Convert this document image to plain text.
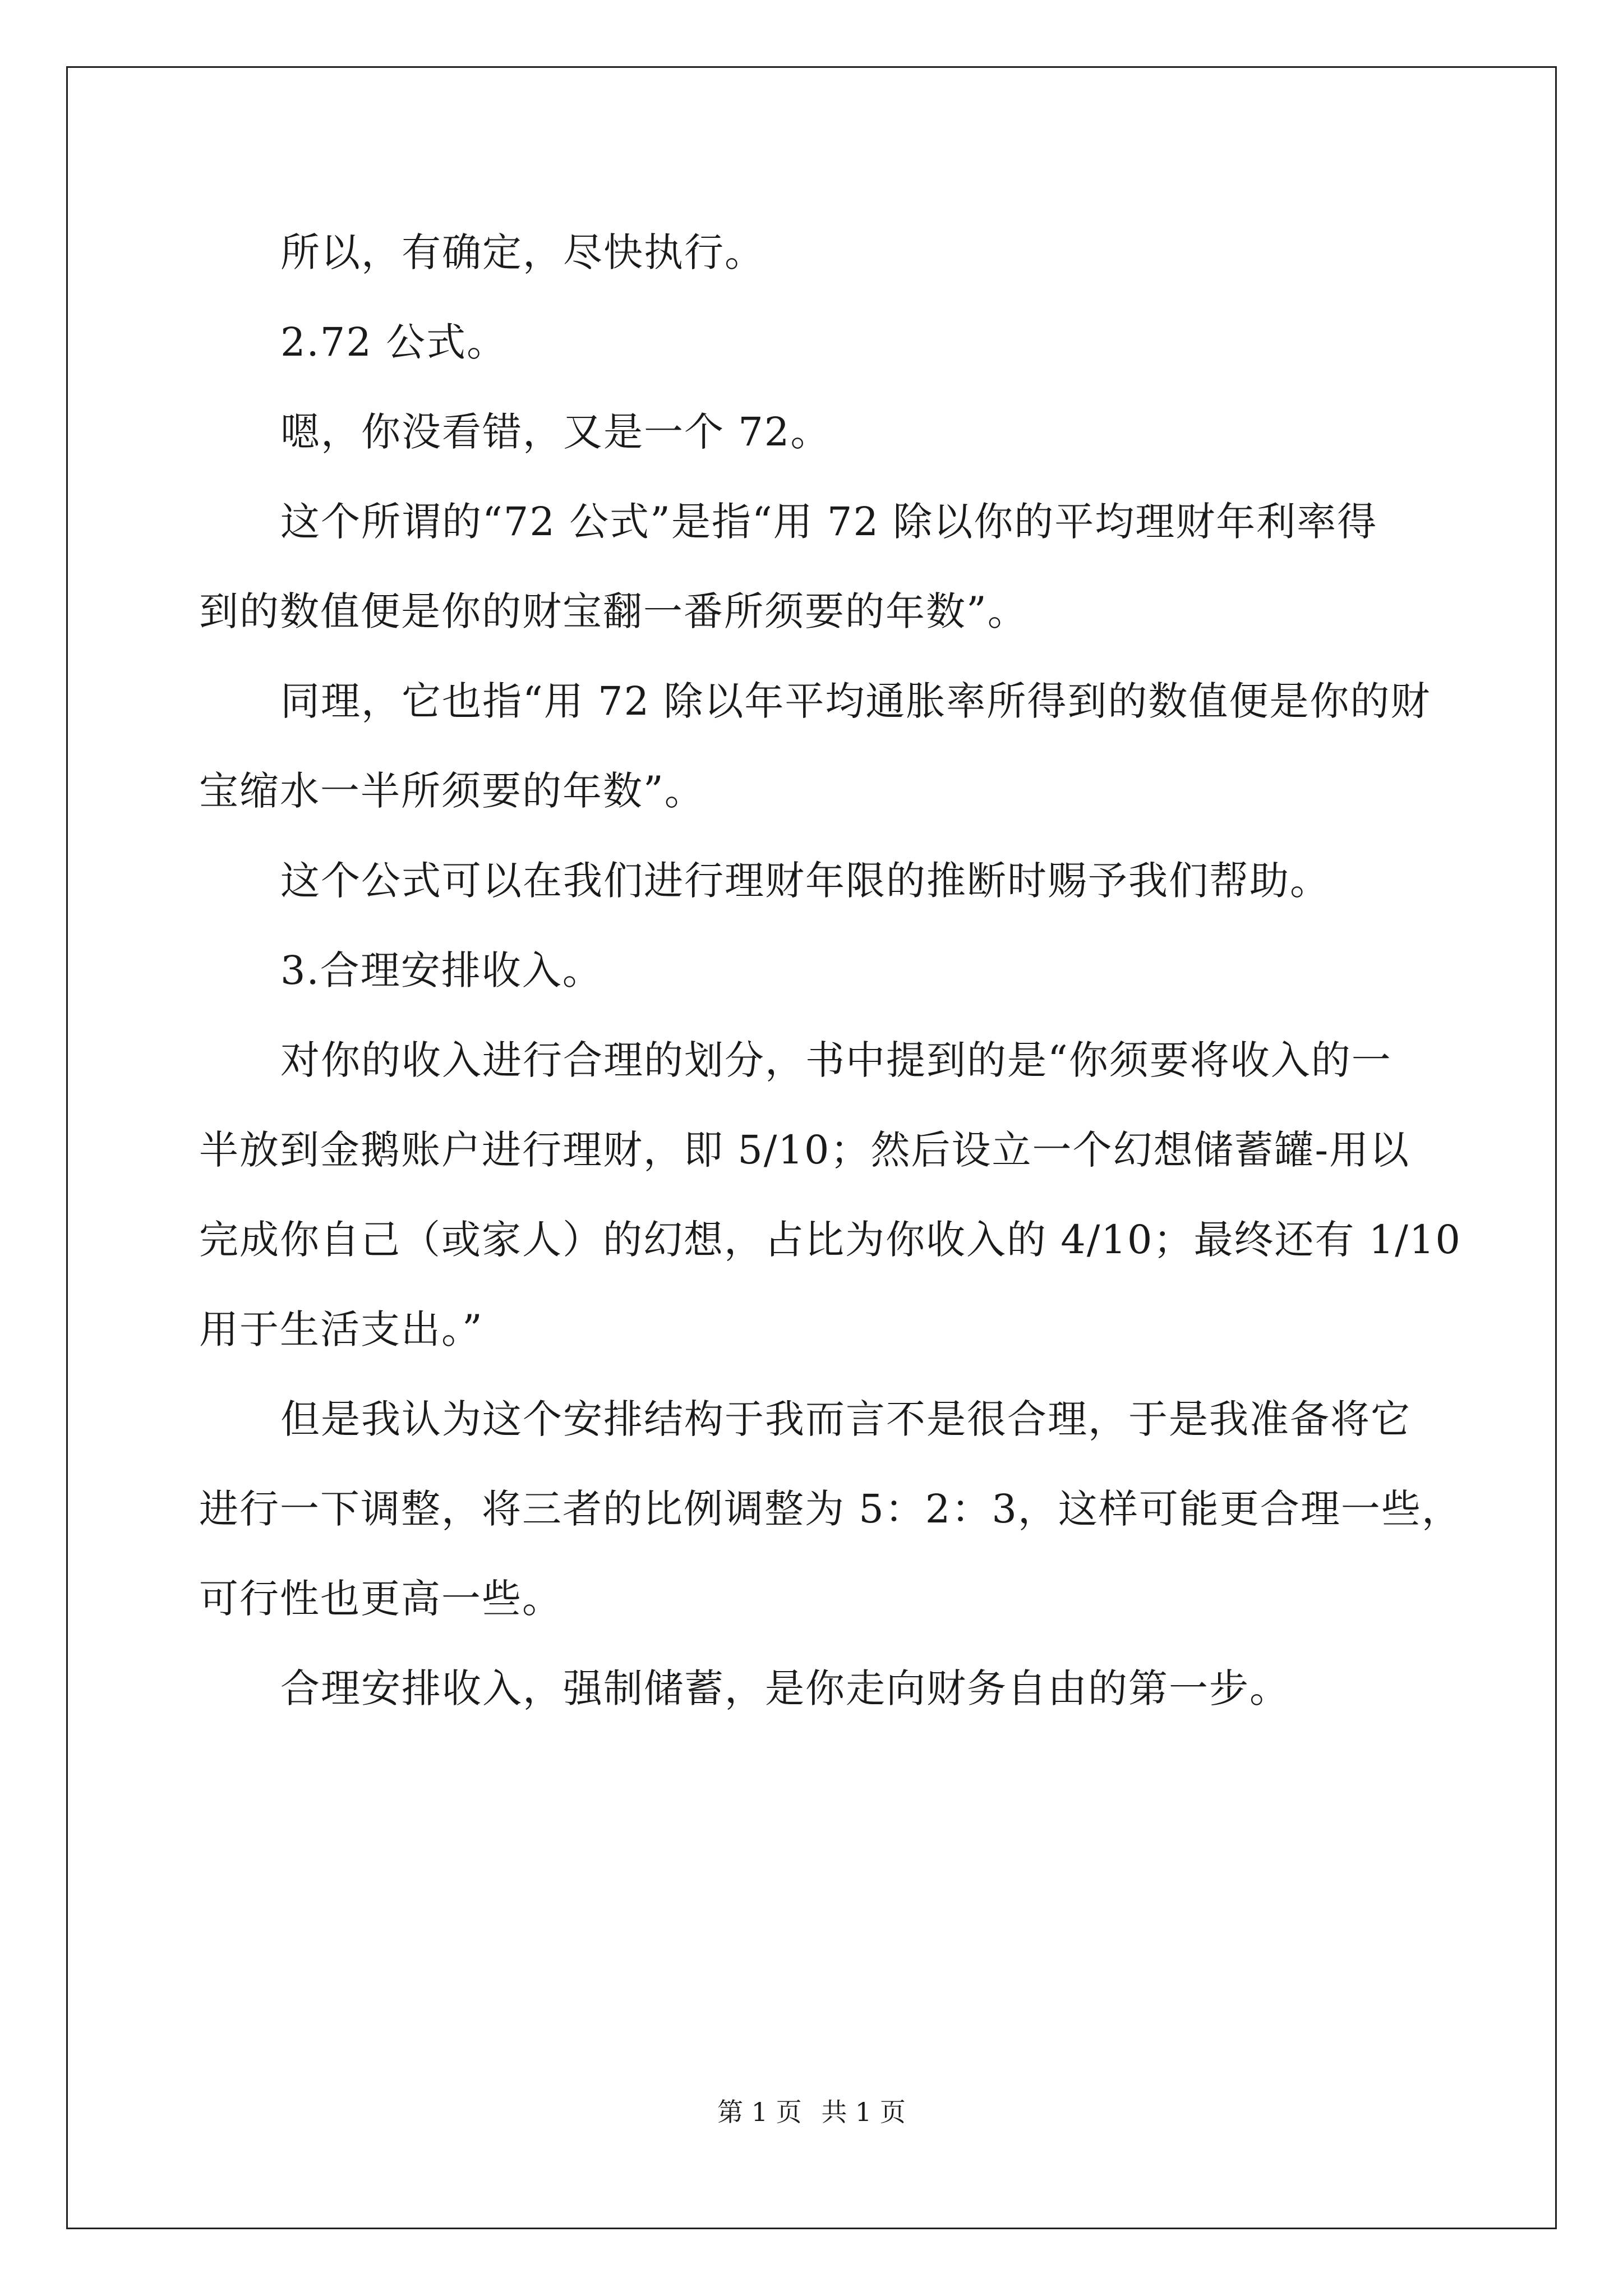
所以，有确定，尽快执行。
2.72 公式。
嗯，你没看错，又是一个 72。
这个所谓的“72 公式”是指“用 72 除以你的平均理财年利率得
到的数值便是你的财宝翻一番所须要的年数”。
同理，它也指“用 72 除以年平均通胀率所得到的数值便是你的财
宝缩水一半所须要的年数”。
这个公式可以在我们进行理财年限的推断时赐予我们帮助。
3.合理安排收入。
对你的收入进行合理的划分，书中提到的是“你须要将收入的一
半放到金鹅账户进行理财，即 5/10；然后设立一个幻想储蓄罐-用以
完成你自己（或家人）的幻想，占比为你收入的 4/10；最终还有 1/10
用于生活支出。”
但是我认为这个安排结构于我而言不是很合理，于是我准备将它
进行一下调整，将三者的比例调整为 5：2：3，这样可能更合理一些，
可行性也更高一些。
合理安排收入，强制储蓄，是你走向财务自由的第一步。
第 1 页 共 1 页
